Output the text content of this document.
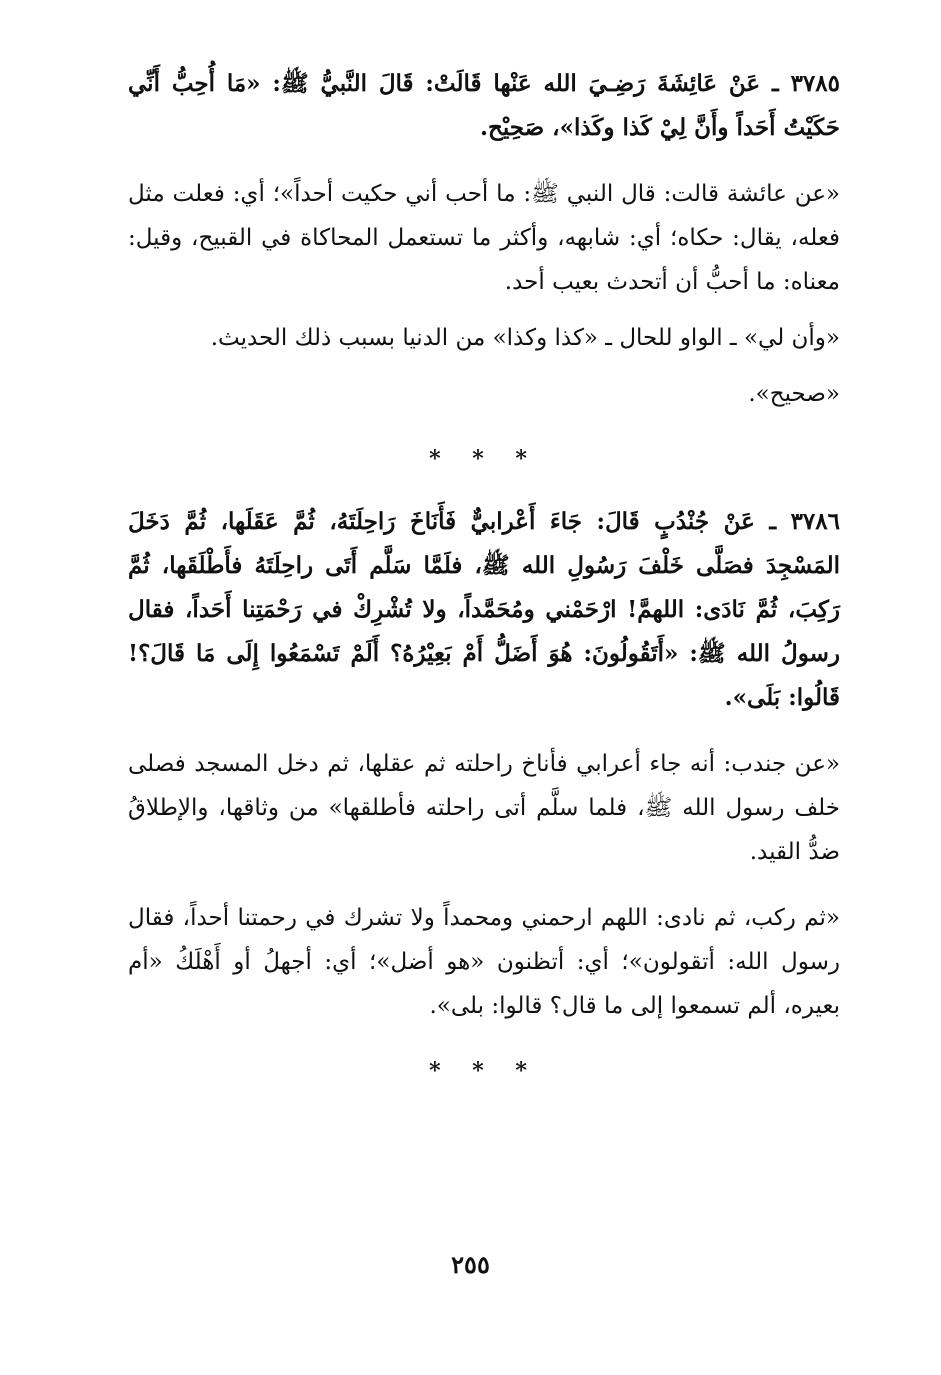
٣٧٨٥ ـ عَنْ عَائِشَةَ رَضِـيَ الله عَنْها قَالَتْ: قَالَ النَّبيُّ ﷺ: «مَا أُحِبُّ أَنِّي حَكَيْتُ أَحَداً وأَنَّ لِيْ كَذا وكَذا»، صَحِيْح.

«عن عائشة قالت: قال النبي ﷺ: ما أحب أني حكيت أحداً»؛ أي: فعلت مثل فعله، يقال: حكاه؛ أي: شابهه، وأكثر ما تستعمل المحاكاة في القبيح، وقيل: معناه: ما أحبُّ أن أتحدث بعيب أحد.

«وأن لي» ـ الواو للحال ـ «كذا وكذا» من الدنيا بسبب ذلك الحديث.

«صحيح».

* * *

٣٧٨٦ ـ عَنْ جُنْدُبٍ قَالَ: جَاءَ أَعْرابيٌّ فَأَنَاخَ رَاحِلَتَهُ، ثُمَّ عَقَلَها، ثُمَّ دَخَلَ المَسْجِدَ فصَلَّى خَلْفَ رَسُولِ الله ﷺ، فلَمَّا سَلَّم أَتَى راحِلَتَهُ فأَطْلَقَها، ثُمَّ رَكِبَ، ثُمَّ نَادَى: اللهمَّ! ارْحَمْني ومُحَمَّداً، ولا تُشْرِكْ في رَحْمَتِنا أَحَداً، فقال رسولُ الله ﷺ: «أَتَقُولُونَ: هُوَ أَضَلُّ أَمْ بَعِيْرُهُ؟ أَلَمْ تَسْمَعُوا إِلَى مَا قَالَ؟! قَالُوا: بَلَى».

«عن جندب: أنه جاء أعرابي فأناخ راحلته ثم عقلها، ثم دخل المسجد فصلى خلف رسول الله ﷺ، فلما سلَّم أتى راحلته فأطلقها» من وثاقها، والإطلاقُ ضدُّ القيد.

«ثم ركب، ثم نادى: اللهم ارحمني ومحمداً ولا تشرك في رحمتنا أحداً، فقال رسول الله: أتقولون»؛ أي: أتظنون «هو أضل»؛ أي: أجهلُ أو أَهْلَكُ «أم بعيره، ألم تسمعوا إلى ما قال؟ قالوا: بلى».

* * *
٢٥٥
